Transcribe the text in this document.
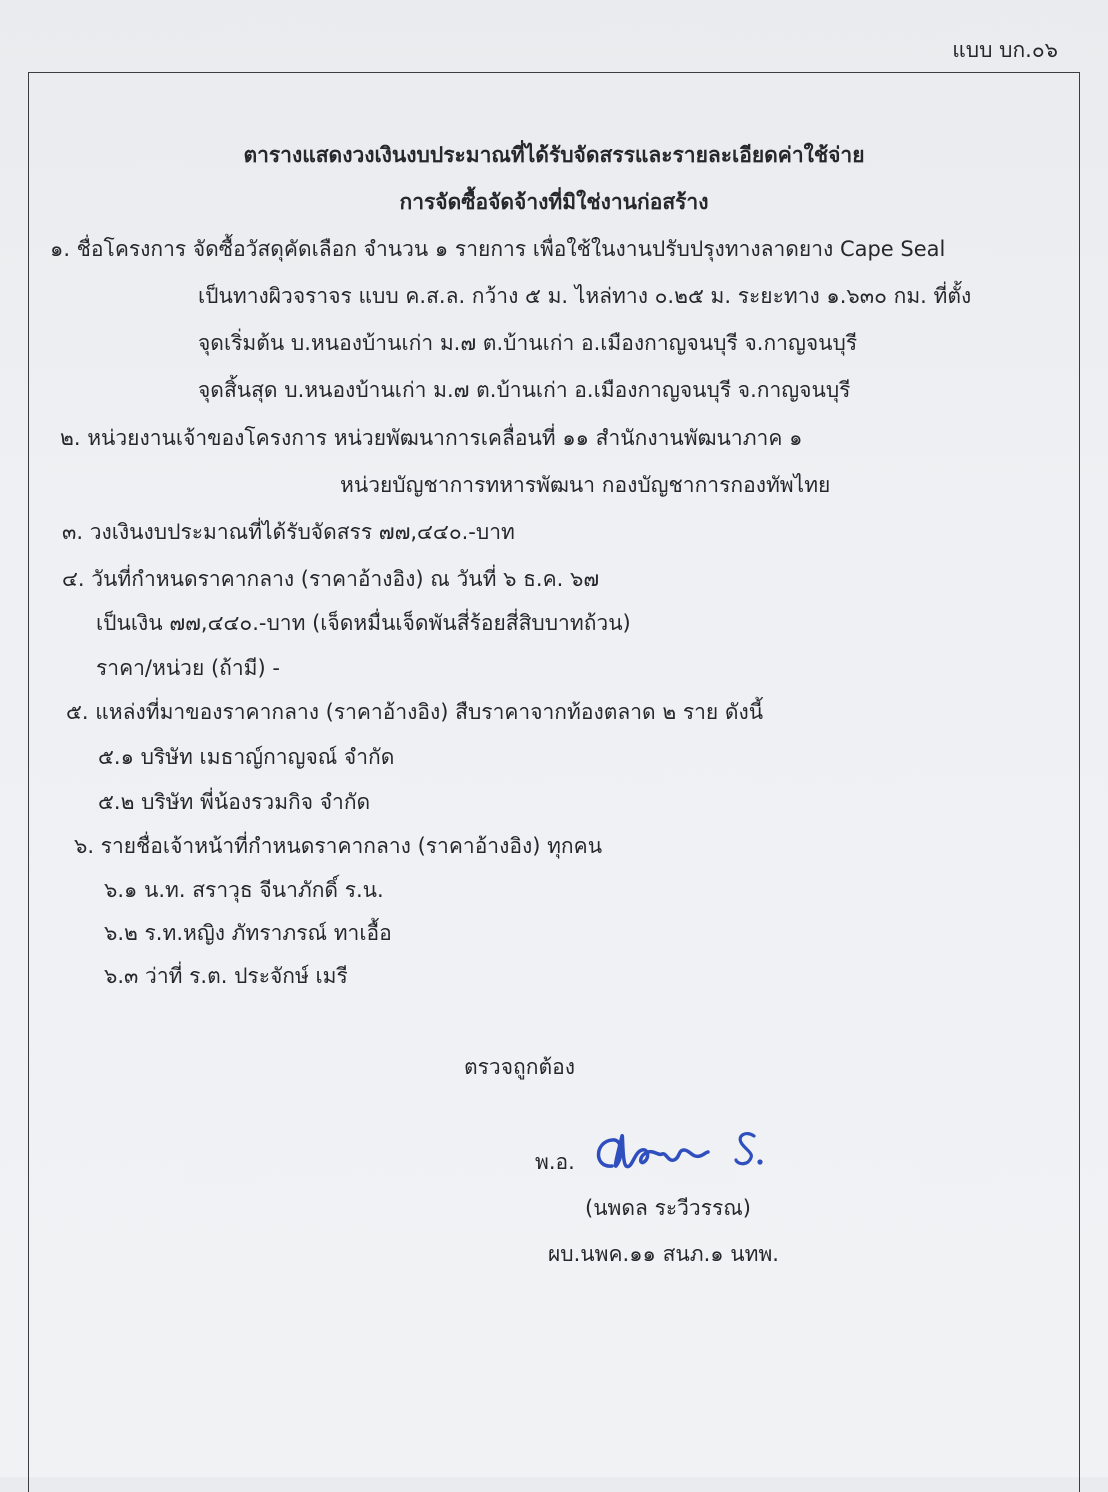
แบบ บก.๐๖
ตารางแสดงวงเงินงบประมาณที่ได้รับจัดสรรและรายละเอียดค่าใช้จ่าย
การจัดซื้อจัดจ้างที่มิใช่งานก่อสร้าง
๑. ชื่อโครงการ จัดซื้อวัสดุคัดเลือก จำนวน ๑ รายการ เพื่อใช้ในงานปรับปรุงทางลาดยาง Cape Seal
เป็นทางผิวจราจร แบบ ค.ส.ล. กว้าง ๕ ม. ไหล่ทาง ๐.๒๕ ม. ระยะทาง ๑.๖๓๐ กม. ที่ตั้ง
จุดเริ่มต้น บ.หนองบ้านเก่า ม.๗ ต.บ้านเก่า อ.เมืองกาญจนบุรี จ.กาญจนบุรี
จุดสิ้นสุด บ.หนองบ้านเก่า ม.๗ ต.บ้านเก่า อ.เมืองกาญจนบุรี จ.กาญจนบุรี
๒. หน่วยงานเจ้าของโครงการ หน่วยพัฒนาการเคลื่อนที่ ๑๑ สำนักงานพัฒนาภาค ๑
หน่วยบัญชาการทหารพัฒนา กองบัญชาการกองทัพไทย
๓. วงเงินงบประมาณที่ได้รับจัดสรร ๗๗,๔๔๐.-บาท
๔. วันที่กำหนดราคากลาง (ราคาอ้างอิง) ณ วันที่ ๖ ธ.ค. ๖๗
เป็นเงิน ๗๗,๔๔๐.-บาท (เจ็ดหมื่นเจ็ดพันสี่ร้อยสี่สิบบาทถ้วน)
ราคา/หน่วย (ถ้ามี) -
๕. แหล่งที่มาของราคากลาง (ราคาอ้างอิง) สืบราคาจากท้องตลาด ๒ ราย ดังนี้
๕.๑ บริษัท เมธาญ์กาญจณ์ จำกัด
๕.๒ บริษัท พี่น้องรวมกิจ จำกัด
๖. รายชื่อเจ้าหน้าที่กำหนดราคากลาง (ราคาอ้างอิง) ทุกคน
๖.๑ น.ท. สราวุธ จีนาภักดิ์ ร.น.
๖.๒ ร.ท.หญิง ภัทราภรณ์ ทาเอื้อ
๖.๓ ว่าที่ ร.ต. ประจักษ์ เมรี
ตรวจถูกต้อง
พ.อ.
(นพดล ระวีวรรณ)
ผบ.นพค.๑๑ สนภ.๑ นทพ.
